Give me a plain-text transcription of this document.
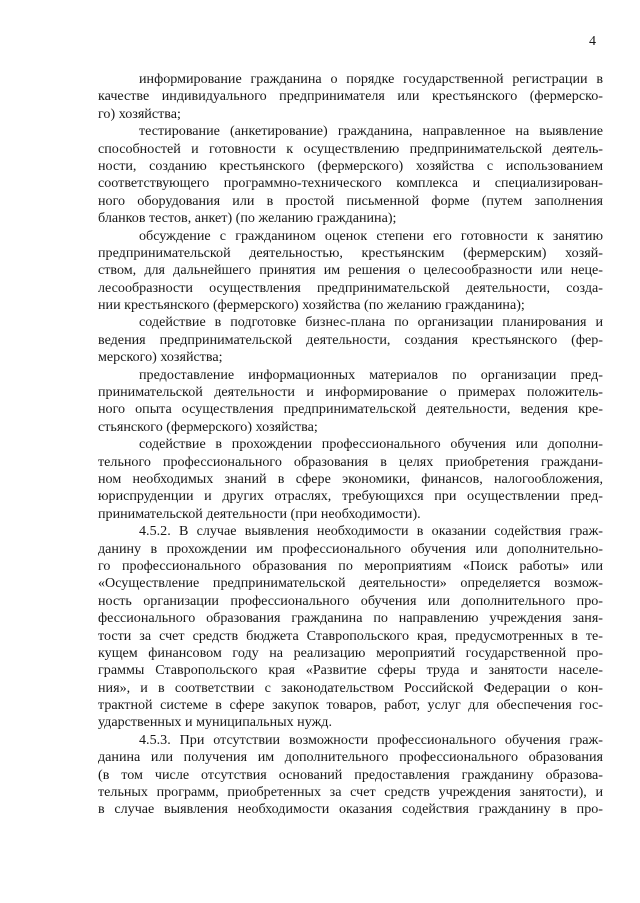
4
информирование гражданина о порядке государственной регистрации в
качестве индивидуального предпринимателя или крестьянского (фермерско-
го) хозяйства;
тестирование (анкетирование) гражданина, направленное на выявление
способностей и готовности к осуществлению предпринимательской деятель-
ности, созданию крестьянского (фермерского) хозяйства с использованием
соответствующего программно-технического комплекса и специализирован-
ного оборудования или в простой письменной форме (путем заполнения
бланков тестов, анкет) (по желанию гражданина);
обсуждение с гражданином оценок степени его готовности к занятию
предпринимательской деятельностью, крестьянским (фермерским) хозяй-
ством, для дальнейшего принятия им решения о целесообразности или неце-
лесообразности осуществления предпринимательской деятельности, созда-
нии крестьянского (фермерского) хозяйства (по желанию гражданина);
содействие в подготовке бизнес-плана по организации планирования и
ведения предпринимательской деятельности, создания крестьянского (фер-
мерского) хозяйства;
предоставление информационных материалов по организации пред-
принимательской деятельности и информирование о примерах положитель-
ного опыта осуществления предпринимательской деятельности, ведения кре-
стьянского (фермерского) хозяйства;
содействие в прохождении профессионального обучения или дополни-
тельного профессионального образования в целях приобретения граждани-
ном необходимых знаний в сфере экономики, финансов, налогообложения,
юриспруденции и других отраслях, требующихся при осуществлении пред-
принимательской деятельности (при необходимости).
4.5.2. В случае выявления необходимости в оказании содействия граж-
данину в прохождении им профессионального обучения или дополнительно-
го профессионального образования по мероприятиям «Поиск работы» или
«Осуществление предпринимательской деятельности» определяется возмож-
ность организации профессионального обучения или дополнительного про-
фессионального образования гражданина по направлению учреждения заня-
тости за счет средств бюджета Ставропольского края, предусмотренных в те-
кущем финансовом году на реализацию мероприятий государственной про-
граммы Ставропольского края «Развитие сферы труда и занятости населе-
ния», и в соответствии с законодательством Российской Федерации о кон-
трактной системе в сфере закупок товаров, работ, услуг для обеспечения гос-
ударственных и муниципальных нужд.
4.5.3. При отсутствии возможности профессионального обучения граж-
данина или получения им дополнительного профессионального образования
(в том числе отсутствия оснований предоставления гражданину образова-
тельных программ, приобретенных за счет средств учреждения занятости), и
в случае выявления необходимости оказания содействия гражданину в про-
